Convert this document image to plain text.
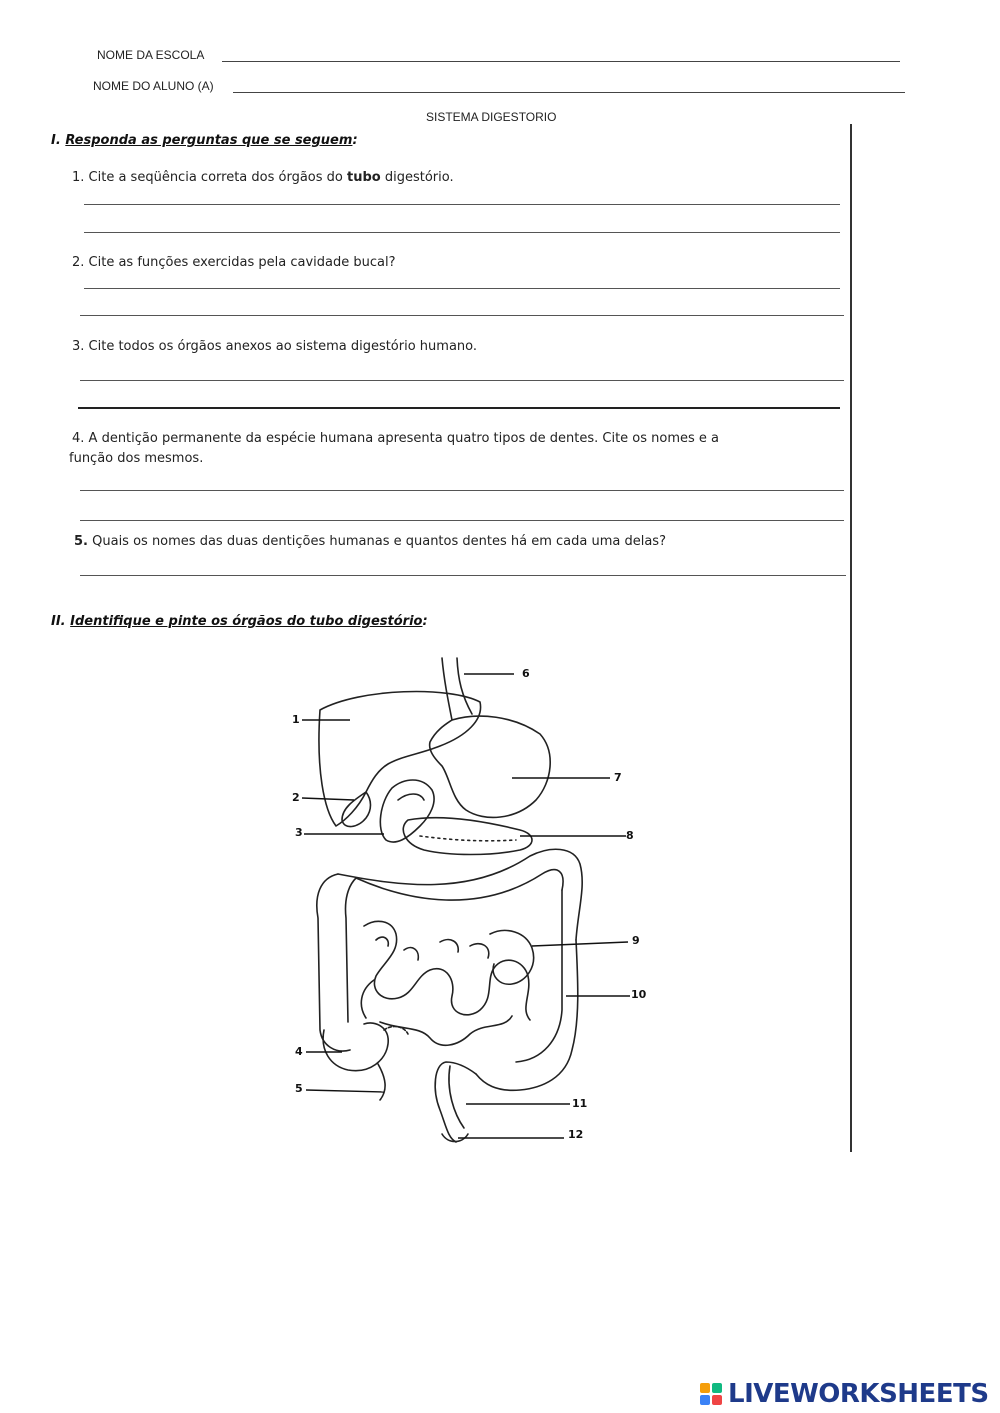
NOME DA ESCOLA
NOME DO ALUNO (A)
SISTEMA DIGESTORIO
I. Responda as perguntas que se seguem:
1. Cite a seqüência correta dos órgãos do tubo digestório.
2. Cite as funções exercidas pela cavidade bucal?
3. Cite todos os órgãos anexos ao sistema digestório humano.
4. A dentição permanente da espécie humana apresenta quatro tipos de dentes. Cite os nomes e a
função dos mesmos.
5. Quais os nomes das duas dentições humanas e quantos dentes há em cada uma delas?
II. Identifique e pinte os órgãos do tubo digestório:
1
2
3
4
5
6
7
8
9
10
11
12
LIVEWORKSHEETS
